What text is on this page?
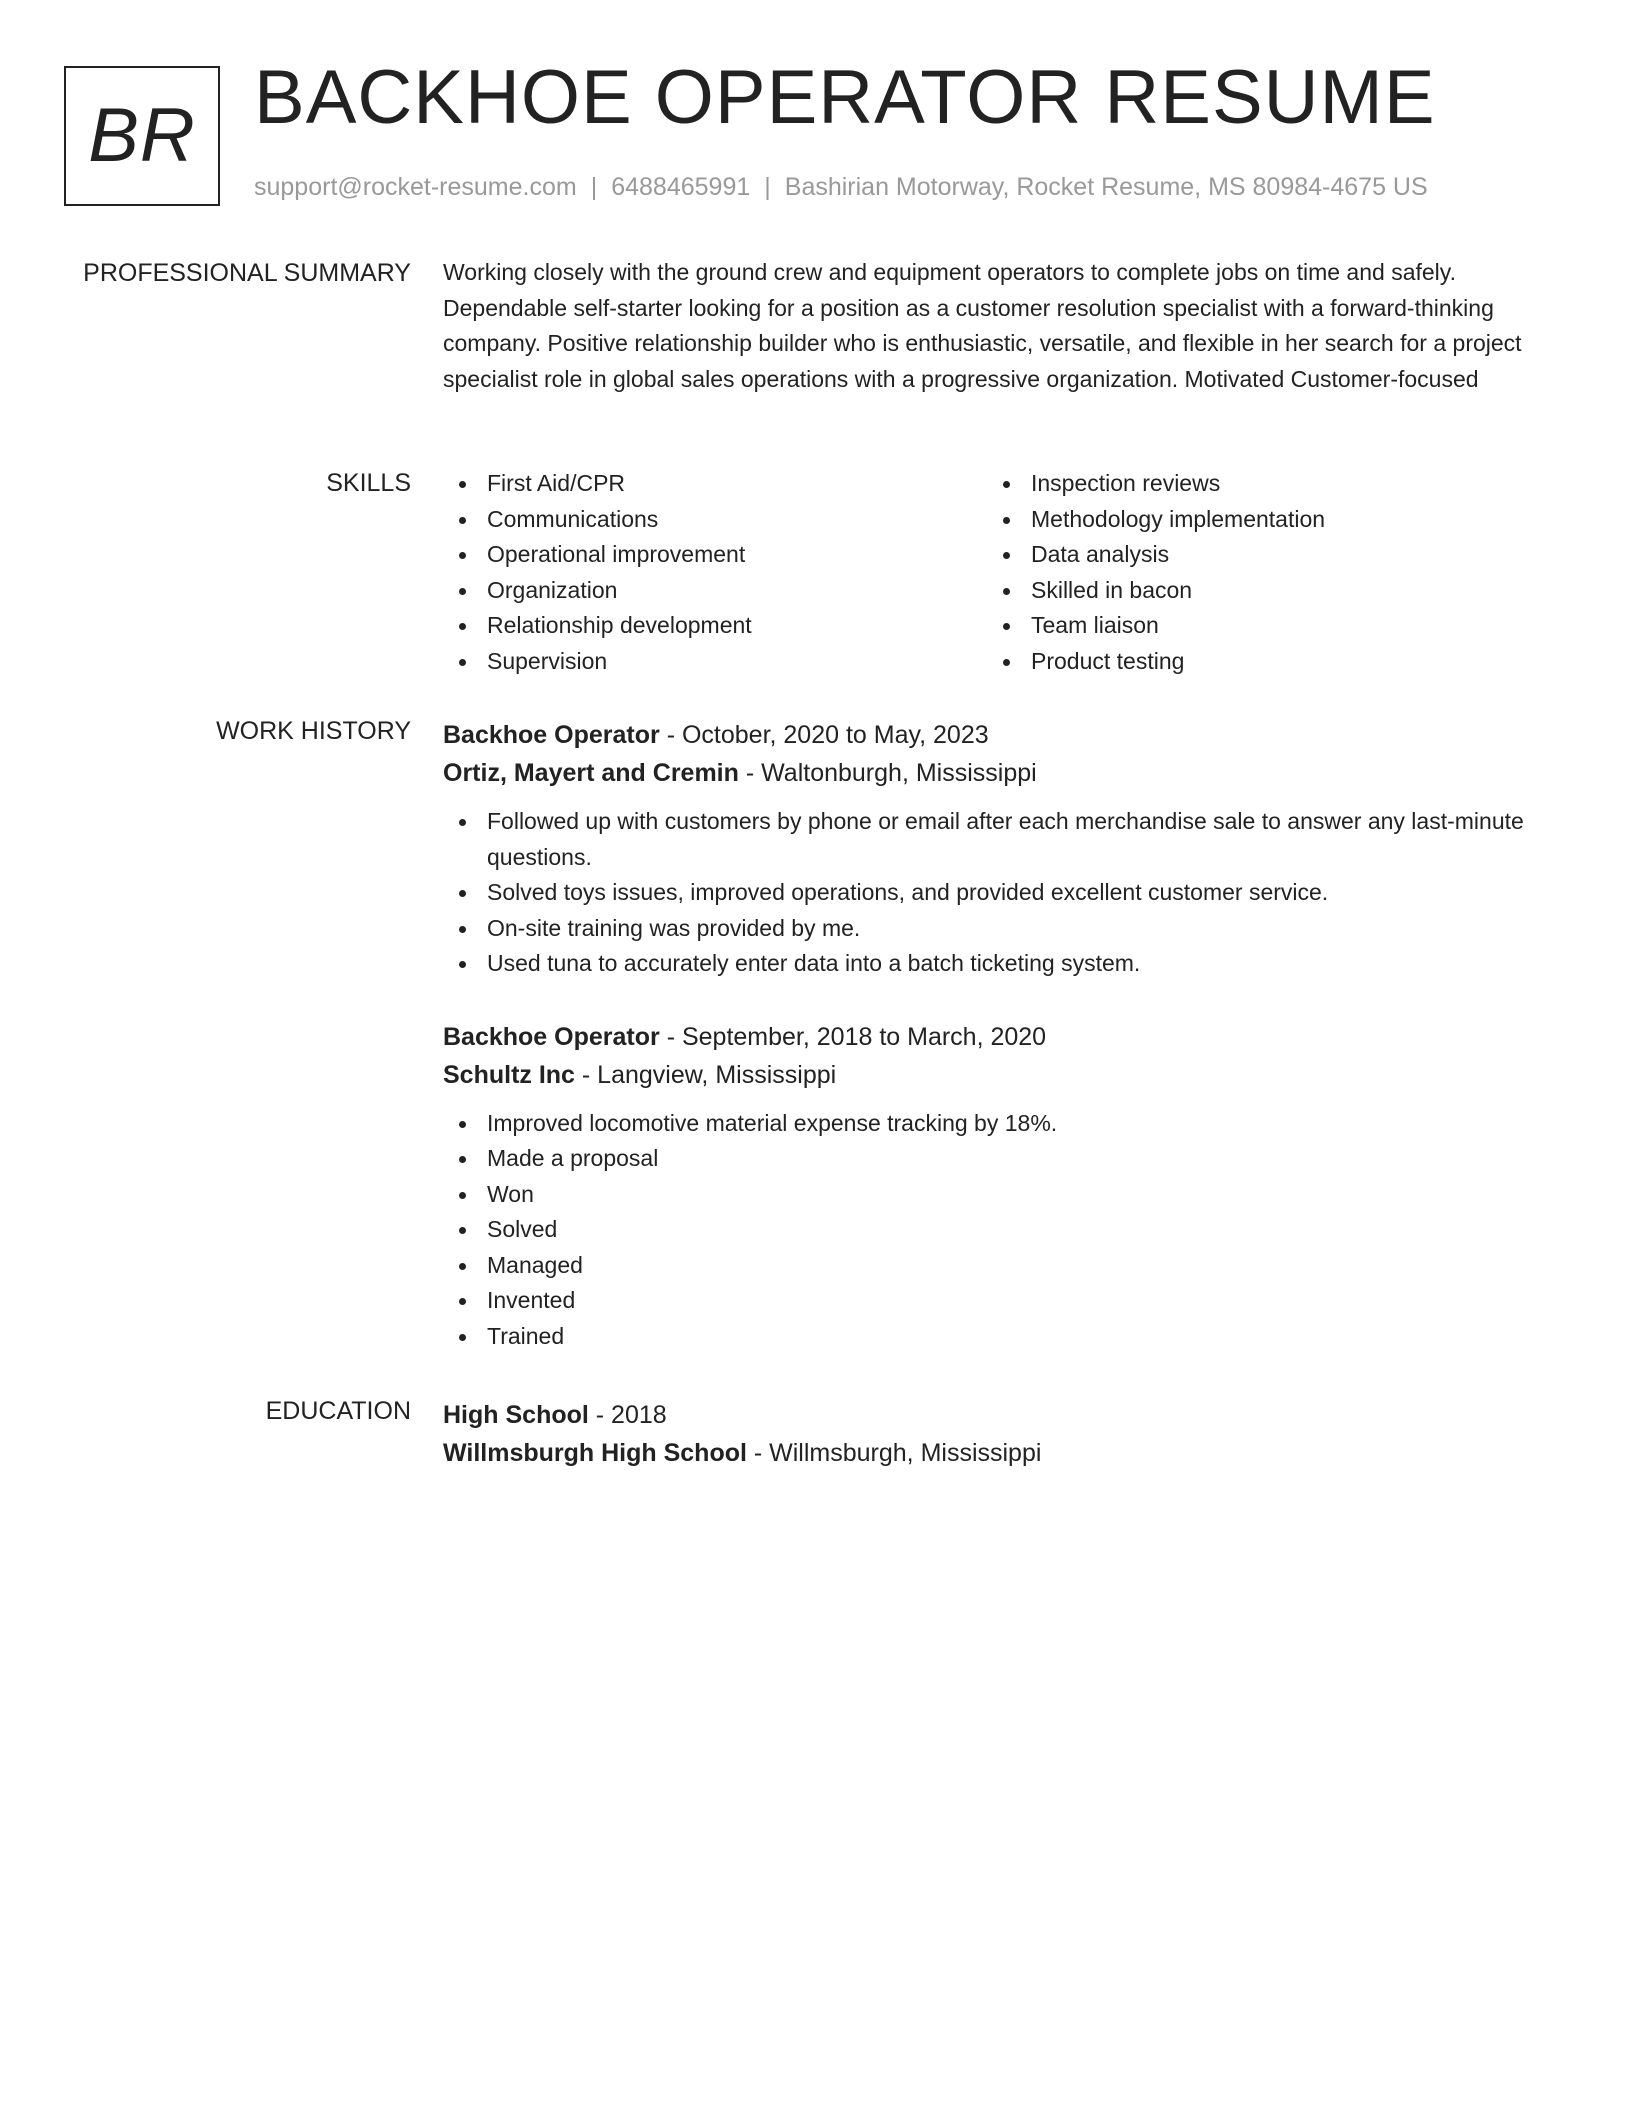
BR BACKHOE OPERATOR RESUME
support@rocket-resume.com | 6488465991 | Bashirian Motorway, Rocket Resume, MS 80984-4675 US
PROFESSIONAL SUMMARY Working closely with the ground crew and equipment operators to complete jobs on time and safely. Dependable self-starter looking for a position as a customer resolution specialist with a forward-thinking company. Positive relationship builder who is enthusiastic, versatile, and flexible in her search for a project specialist role in global sales operations with a progressive organization. Motivated Customer-focused

SKILLS	First Aid/CPR
Communications
Operational improvement
Organization
Relationship development
Supervision
Inspection reviews
Methodology implementation
Data analysis
Skilled in bacon
Team liaison
Product testing
WORK HISTORY Backhoe Operator - October, 2020 to May, 2023
Ortiz, Mayert and Cremin - Waltonburgh, Mississippi
Followed up with customers by phone or email after each merchandise sale to answer any last-minute questions.
Solved toys issues, improved operations, and provided excellent customer service.
On-site training was provided by me.
Used tuna to accurately enter data into a batch ticketing system.
Backhoe Operator - September, 2018 to March, 2020
Schultz Inc - Langview, Mississippi
Improved locomotive material expense tracking by 18%.
Made a proposal
Won
Solved
Managed
Invented
Trained
EDUCATION High School - 2018
Willmsburgh High School - Willmsburgh, Mississippi
